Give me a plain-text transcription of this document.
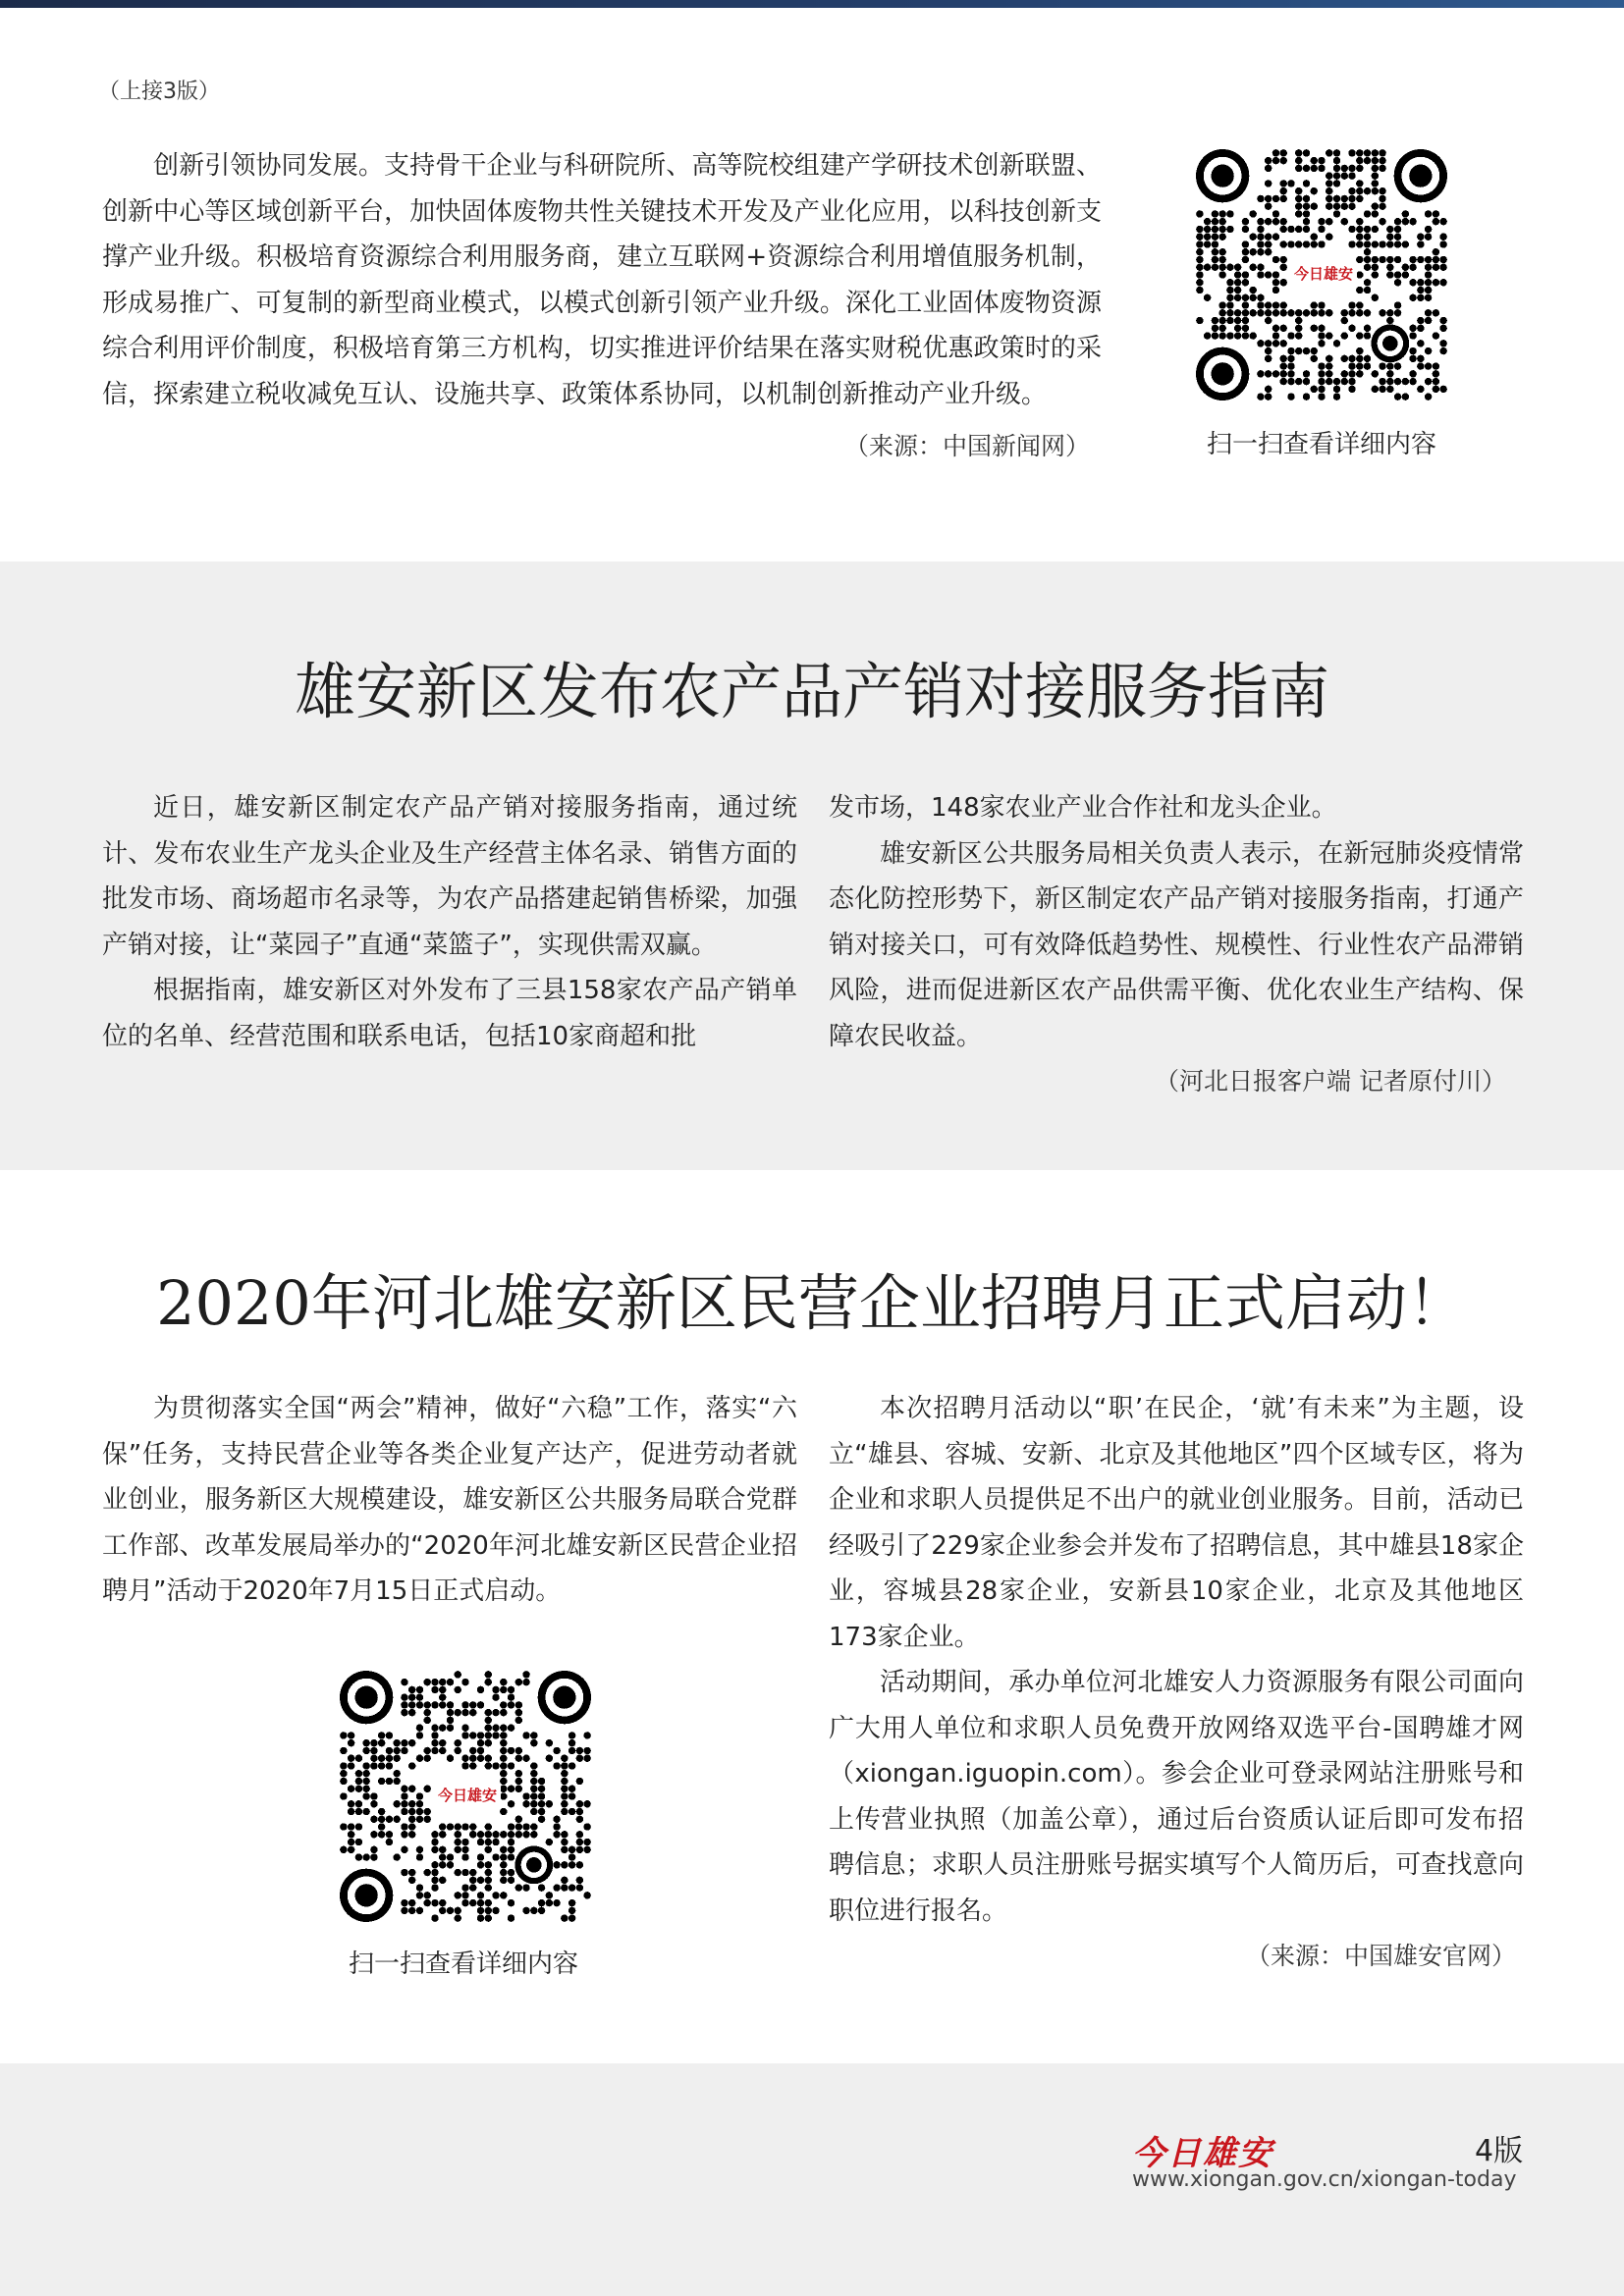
（上接3版）

创新引领协同发展。支持骨干企业与科研院所、高等院校组建产学研技术创新联盟、创新中心等区域创新平台，加快固体废物共性关键技术开发及产业化应用，以科技创新支撑产业升级。积极培育资源综合利用服务商，建立互联网+资源综合利用增值服务机制，形成易推广、可复制的新型商业模式，以模式创新引领产业升级。深化工业固体废物资源综合利用评价制度，积极培育第三方机构，切实推进评价结果在落实财税优惠政策时的采信，探索建立税收减免互认、设施共享、政策体系协同，以机制创新推动产业升级。

（来源：中国新闻网）

今日雄安
扫一扫查看详细内容
雄安新区发布农产品产销对接服务指南

近日，雄安新区制定农产品产销对接服务指南，通过统计、发布农业生产龙头企业及生产经营主体名录、销售方面的批发市场、商场超市名录等，为农产品搭建起销售桥梁，加强产销对接，让“菜园子”直通“菜篮子”，实现供需双赢。

根据指南，雄安新区对外发布了三县158家农产品产销单位的名单、经营范围和联系电话，包括10家商超和批

发市场，148家农业产业合作社和龙头企业。

雄安新区公共服务局相关负责人表示，在新冠肺炎疫情常态化防控形势下，新区制定农产品产销对接服务指南，打通产销对接关口，可有效降低趋势性、规模性、行业性农产品滞销风险，进而促进新区农产品供需平衡、优化农业生产结构、保障农民收益。

（河北日报客户端 记者原付川）

2020年河北雄安新区民营企业招聘月正式启动！

为贯彻落实全国“两会”精神，做好“六稳”工作，落实“六保”任务，支持民营企业等各类企业复产达产，促进劳动者就业创业，服务新区大规模建设，雄安新区公共服务局联合党群工作部、改革发展局举办的“2020年河北雄安新区民营企业招聘月”活动于2020年7月15日正式启动。

今日雄安
扫一扫查看详细内容

本次招聘月活动以“职’在民企，‘就’有未来”为主题，设立“雄县、容城、安新、北京及其他地区”四个区域专区，将为企业和求职人员提供足不出户的就业创业服务。目前，活动已经吸引了229家企业参会并发布了招聘信息，其中雄县18家企业，容城县28家企业，安新县10家企业，北京及其他地区173家企业。

活动期间，承办单位河北雄安人力资源服务有限公司面向广大用人单位和求职人员免费开放网络双选平台-国聘雄才网（xiongan.iguopin.com）。参会企业可登录网站注册账号和上传营业执照（加盖公章），通过后台资质认证后即可发布招聘信息；求职人员注册账号据实填写个人简历后，可查找意向职位进行报名。

（来源：中国雄安官网）

今日雄安	4版
www.xiongan.gov.cn/xiongan-today
